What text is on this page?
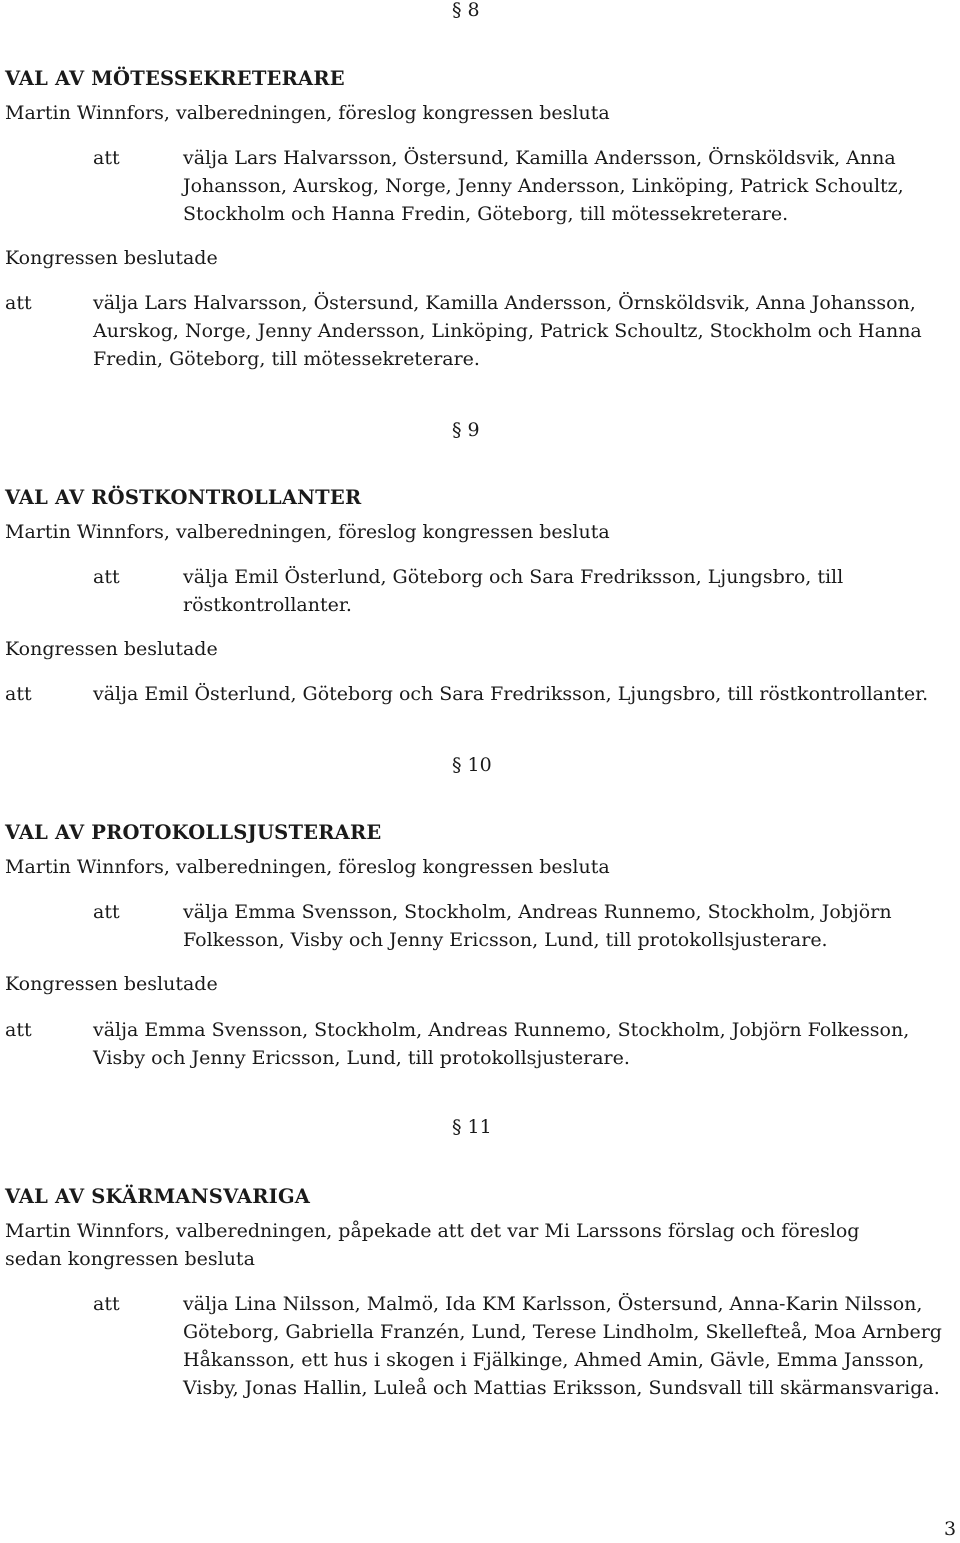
§ 8
VAL AV MÖTESSEKRETERARE

Martin Winnfors, valberedningen, föreslog kongressen besluta

att	välja Lars Halvarsson, Östersund, Kamilla Andersson, Örnsköldsvik, Anna Johansson, Aurskog, Norge, Jenny Andersson, Linköping, Patrick Schoultz, Stockholm och Hanna Fredin, Göteborg, till mötessekreterare.

Kongressen beslutade

att	välja Lars Halvarsson, Östersund, Kamilla Andersson, Örnsköldsvik, Anna Johansson, Aurskog, Norge, Jenny Andersson, Linköping, Patrick Schoultz, Stockholm och Hanna Fredin, Göteborg, till mötessekreterare.

§ 9
VAL AV RÖSTKONTROLLANTER

Martin Winnfors, valberedningen, föreslog kongressen besluta

att	välja Emil Österlund, Göteborg och Sara Fredriksson, Ljungsbro, till röstkontrollanter.

Kongressen beslutade

att	välja Emil Österlund, Göteborg och Sara Fredriksson, Ljungsbro, till röstkontrollanter.

§ 10
VAL AV PROTOKOLLSJUSTERARE

Martin Winnfors, valberedningen, föreslog kongressen besluta

att	välja Emma Svensson, Stockholm, Andreas Runnemo, Stockholm, Jobjörn Folkesson, Visby och Jenny Ericsson, Lund, till protokollsjusterare.

Kongressen beslutade

att	välja Emma Svensson, Stockholm, Andreas Runnemo, Stockholm, Jobjörn Folkesson, Visby och Jenny Ericsson, Lund, till protokollsjusterare.

§ 11
VAL AV SKÄRMANSVARIGA

Martin Winnfors, valberedningen, påpekade att det var Mi Larssons förslag och föreslog sedan kongressen besluta

att	välja Lina Nilsson, Malmö, Ida KM Karlsson, Östersund, Anna-Karin Nilsson, Göteborg, Gabriella Franzén, Lund, Terese Lindholm, Skellefteå, Moa Arnberg Håkansson, ett hus i skogen i Fjälkinge, Ahmed Amin, Gävle, Emma Jansson, Visby, Jonas Hallin, Luleå och Mattias Eriksson, Sundsvall till skärmansvariga.

3
